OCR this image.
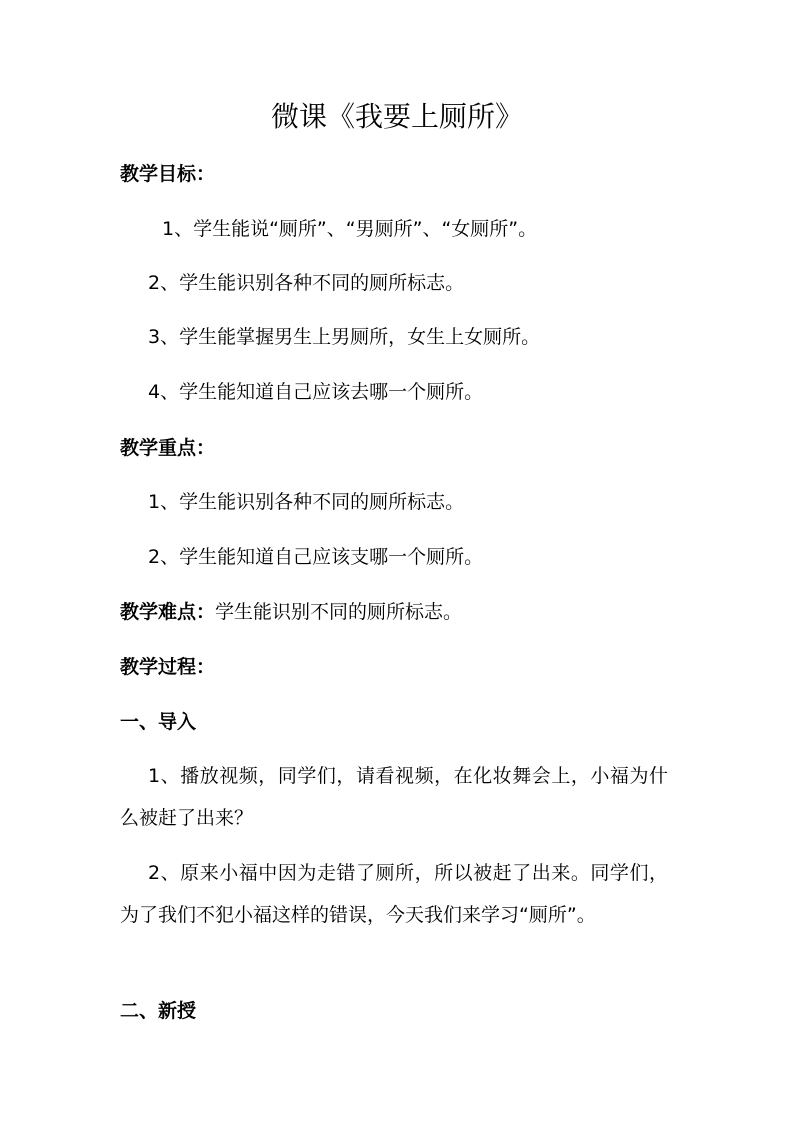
微课《我要上厕所》
教学目标：
1、学生能说“厕所”、“男厕所”、“女厕所”。
2、学生能识别各种不同的厕所标志。
3、学生能掌握男生上男厕所，女生上女厕所。
4、学生能知道自己应该去哪一个厕所。
教学重点：
1、学生能识别各种不同的厕所标志。
2、学生能知道自己应该支哪一个厕所。
教学难点：学生能识别不同的厕所标志。
教学过程：
一、导入
1、播放视频，同学们，请看视频，在化妆舞会上，小福为什么被赶了出来？
2、原来小福中因为走错了厕所，所以被赶了出来。同学们，为了我们不犯小福这样的错误，今天我们来学习“厕所”。
二、新授
